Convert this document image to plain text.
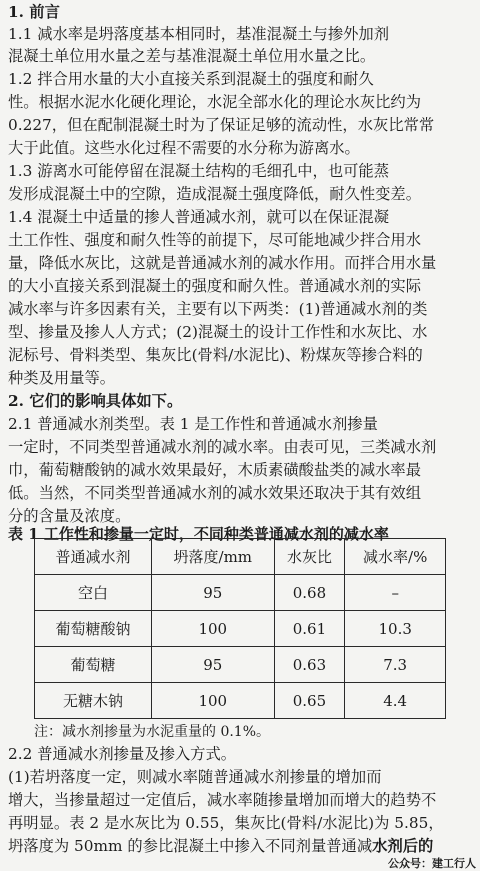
1. 前言
1.1 减水率是坍落度基本相同时，基准混凝土与掺外加剂
混凝土单位用水量之差与基准混凝土单位用水量之比。
1.2 拌合用水量的大小直接关系到混凝土的强度和耐久
性。根据水泥水化硬化理论，水泥全部水化的理论水灰比约为
0.227，但在配制混凝土时为了保证足够的流动性，水灰比常常
大于此值。这些水化过程不需要的水分称为游离水。
1.3 游离水可能停留在混凝土结构的毛细孔中，也可能蒸
发形成混凝土中的空隙，造成混凝土强度降低，耐久性变差。
1.4 混凝土中适量的掺人普通减水剂，就可以在保证混凝
土工作性、强度和耐久性等的前提下，尽可能地减少拌合用水
量，降低水灰比，这就是普通减水剂的减水作用。而拌合用水量
的大小直接关系到混凝土的强度和耐久性。普通减水剂的实际
减水率与许多因素有关，主要有以下两类：(1)普通减水剂的类
型、掺量及掺人人方式；(2)混凝土的设计工作性和水灰比、水
泥标号、骨料类型、集灰比(骨料/水泥比)、粉煤灰等掺合料的
种类及用量等。
2. 它们的影响具体如下。
2.1 普通减水剂类型。表 1 是工作性和普通减水剂掺量
一定时，不同类型普通减水剂的减水率。由表可见，三类减水剂
巾，葡萄糖酸钠的减水效果最好，木质素磺酸盐类的减水率最
低。当然，不同类型普通减水剂的减水效果还取决于其有效组
分的含量及浓度。
表 1 工作性和掺量一定时，不同种类普通减水剂的减水率
普通减水剂	坍落度/mm	水灰比	减水率/%
空白	95	0.68	–
葡萄糖酸钠	100	0.61	10.3
葡萄糖	95	0.63	7.3
无糖木钠	100	0.65	4.4
注：减水剂掺量为水泥重量的 0.1%。
2.2 普通减水剂掺量及掺入方式。
(1)若坍落度一定，则减水率随普通减水剂掺量的增加而
增大，当掺量超过一定值后，减水率随掺量增加而增大的趋势不
再明显。表 2 是水灰比为 0.55，集灰比(骨料/水泥比)为 5.85，
坍落度为 50mm 的参比混凝土中掺入不同剂量普通减水剂后的
公众号：建工行人
